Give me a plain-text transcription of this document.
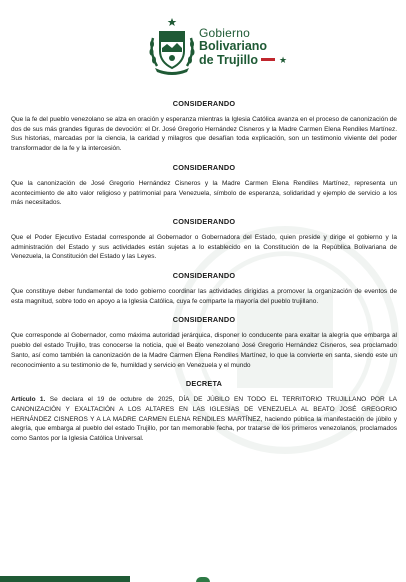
Gobierno
Bolivariano
de Trujillo ★

CONSIDERANDO

Que la fe del pueblo venezolano se alza en oración y esperanza mientras la Iglesia Católica avanza en el proceso de canonización de dos de sus más grandes figuras de devoción: el Dr. José Gregorio Hernández Cisneros y la Madre Carmen Elena Rendiles Martínez. Sus historias, marcadas por la ciencia, la caridad y milagros que desafían toda explicación, son un testimonio viviente del poder transformador de la fe y la intercesión.

CONSIDERANDO

Que la canonización de José Gregorio Hernández Cisneros y la Madre Carmen Elena Rendiles Martínez, representa un acontecimiento de alto valor religioso y patrimonial para Venezuela, símbolo de esperanza, solidaridad y ejemplo de servicio a los más necesitados.

CONSIDERANDO

Que el Poder Ejecutivo Estadal corresponde al Gobernador o Gobernadora del Estado, quien preside y dirige el gobierno y la administración del Estado y sus actividades están sujetas a lo establecido en la Constitución de la República Bolivariana de Venezuela, la Constitución del Estado y las Leyes.

CONSIDERANDO

Que constituye deber fundamental de todo gobierno coordinar las actividades dirigidas a promover la organización de eventos de esta magnitud, sobre todo en apoyo a la Iglesia Católica, cuya fe comparte la mayoría del pueblo trujillano.

CONSIDERANDO

Que corresponde al Gobernador, como máxima autoridad jerárquica, disponer lo conducente para exaltar la alegría que embarga al pueblo del estado Trujillo, tras conocerse la noticia, que el Beato venezolano José Gregorio Hernández Cisneros, sea proclamado Santo, así como también la canonización de la Madre Carmen Elena Rendiles Martínez, lo que la convierte en santa, siendo este un reconocimiento a su testimonio de fe, humildad y servicio en Venezuela y el mundo

DECRETA

Artículo 1. Se declara el 19 de octubre de 2025, DÍA DE JÚBILO EN TODO EL TERRITORIO TRUJILLANO POR LA CANONIZACIÓN Y EXALTACIÓN A LOS ALTARES EN LAS IGLESIAS DE VENEZUELA AL BEATO JOSÉ GREGORIO HERNÁNDEZ CISNEROS Y A LA MADRE CARMEN ELENA RENDILES MARTÍNEZ, haciendo pública la manifestación de júbilo y alegría, que embarga al pueblo del estado Trujillo, por tan memorable fecha, por tratarse de los primeros venezolanos, proclamados como Santos por la Iglesia Católica Universal.
